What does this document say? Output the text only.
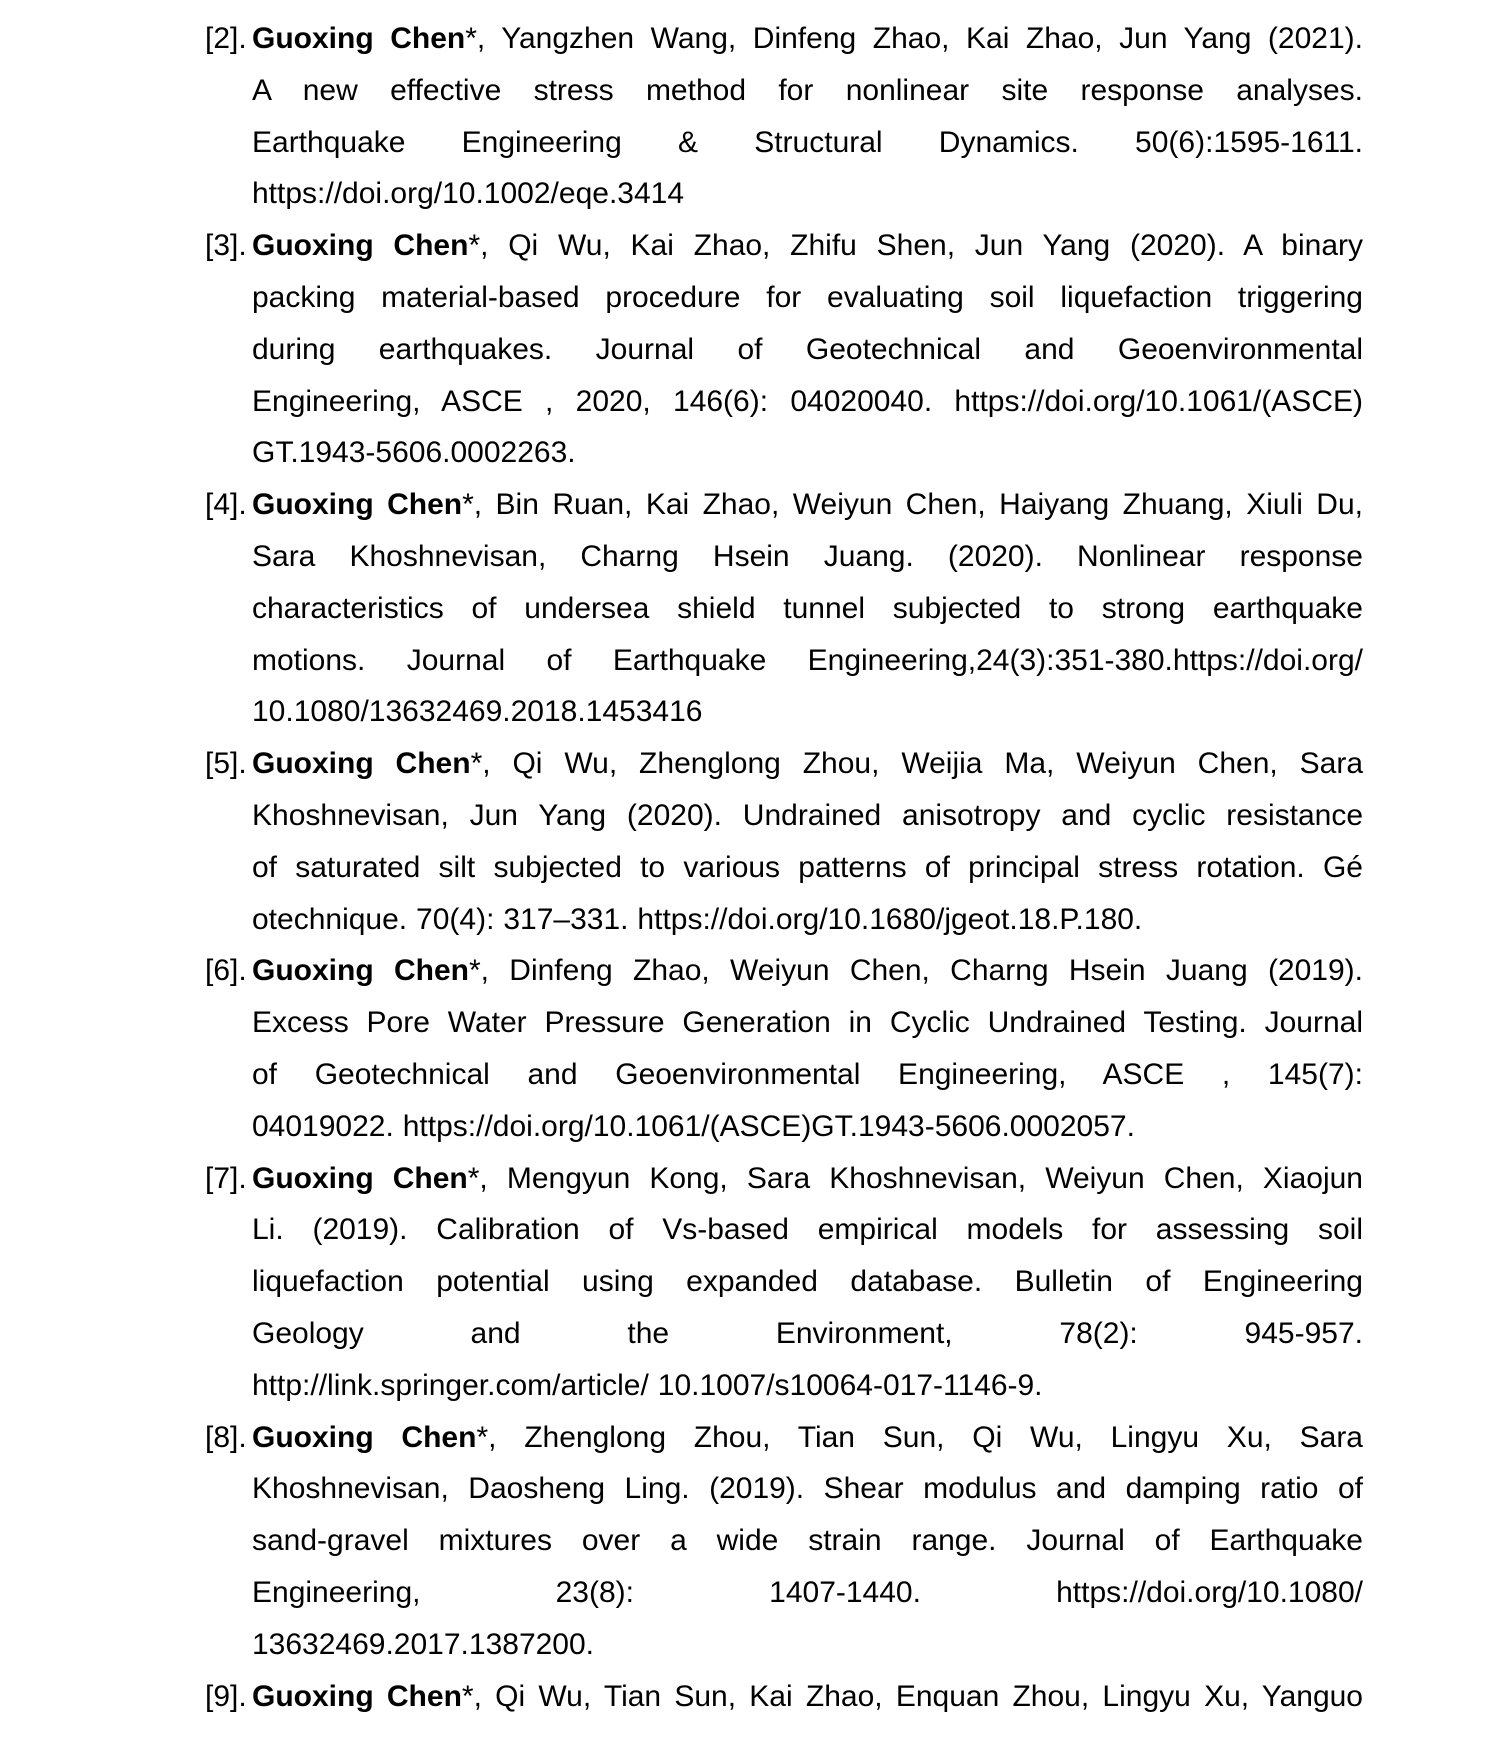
[2]. Guoxing Chen*, Yangzhen Wang, Dinfeng Zhao, Kai Zhao, Jun Yang (2021).
A new effective stress method for nonlinear site response analyses.
Earthquake Engineering & Structural Dynamics. 50(6):1595-1611.
https://doi.org/10.1002/eqe.3414
[3]. Guoxing Chen*, Qi Wu, Kai Zhao, Zhifu Shen, Jun Yang (2020). A binary
packing material-based procedure for evaluating soil liquefaction triggering
during earthquakes. Journal of Geotechnical and Geoenvironmental
Engineering, ASCE , 2020, 146(6): 04020040. https://doi.org/10.1061/(ASCE)
GT.1943-5606.0002263.
[4]. Guoxing Chen*, Bin Ruan, Kai Zhao, Weiyun Chen, Haiyang Zhuang, Xiuli Du,
Sara Khoshnevisan, Charng Hsein Juang. (2020). Nonlinear response
characteristics of undersea shield tunnel subjected to strong earthquake
motions. Journal of Earthquake Engineering,24(3):351-380.https://doi.org/
10.1080/13632469.2018.1453416
[5]. Guoxing Chen*, Qi Wu, Zhenglong Zhou, Weijia Ma, Weiyun Chen, Sara
Khoshnevisan, Jun Yang (2020). Undrained anisotropy and cyclic resistance
of saturated silt subjected to various patterns of principal stress rotation. Gé
otechnique. 70(4): 317–331. https://doi.org/10.1680/jgeot.18.P.180.
[6]. Guoxing Chen*, Dinfeng Zhao, Weiyun Chen, Charng Hsein Juang (2019).
Excess Pore Water Pressure Generation in Cyclic Undrained Testing. Journal
of Geotechnical and Geoenvironmental Engineering, ASCE , 145(7):
04019022. https://doi.org/10.1061/(ASCE)GT.1943-5606.0002057.
[7]. Guoxing Chen*, Mengyun Kong, Sara Khoshnevisan, Weiyun Chen, Xiaojun
Li. (2019). Calibration of Vs-based empirical models for assessing soil
liquefaction potential using expanded database. Bulletin of Engineering
Geology and the Environment, 78(2): 945-957.
http://link.springer.com/article/ 10.1007/s10064-017-1146-9.
[8]. Guoxing Chen*, Zhenglong Zhou, Tian Sun, Qi Wu, Lingyu Xu, Sara
Khoshnevisan, Daosheng Ling. (2019). Shear modulus and damping ratio of
sand-gravel mixtures over a wide strain range. Journal of Earthquake
Engineering, 23(8): 1407-1440. https://doi.org/10.1080/
13632469.2017.1387200.
[9]. Guoxing Chen*, Qi Wu, Tian Sun, Kai Zhao, Enquan Zhou, Lingyu Xu, Yanguo
